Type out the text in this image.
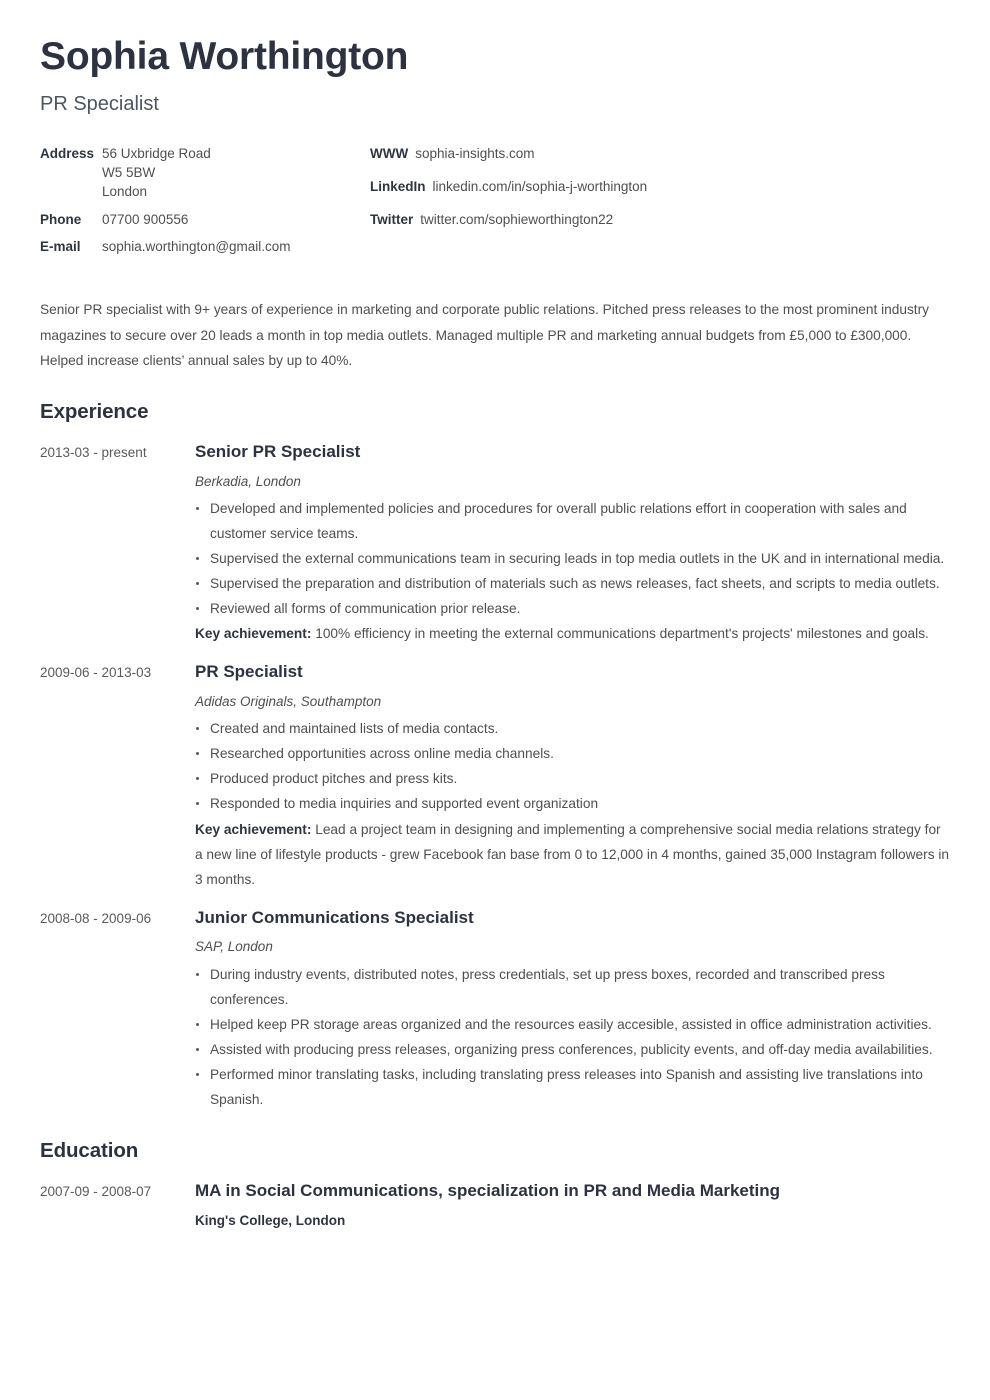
Sophia Worthington
PR Specialist
Address 56 Uxbridge Road
W5 5BW
London
Phone	07700 900556
E-mail	sophia.worthington@gmail.com
WWW sophia-insights.com
LinkedIn linkedin.com/in/sophia-j-worthington
Twitter twitter.com/sophieworthington22
Senior PR specialist with 9+ years of experience in marketing and corporate public relations. Pitched press releases to the most prominent industry magazines to secure over 20 leads a month in top media outlets. Managed multiple PR and marketing annual budgets from £5,000 to £300,000. Helped increase clients’ annual sales by up to 40%.
Experience
2013-03 - present	Senior PR Specialist
Berkadia, London
Developed and implemented policies and procedures for overall public relations effort in cooperation with sales and customer service teams.
Supervised the external communications team in securing leads in top media outlets in the UK and in international media.
Supervised the preparation and distribution of materials such as news releases, fact sheets, and scripts to media outlets.
Reviewed all forms of communication prior release.
Key achievement: 100% efficiency in meeting the external communications department's projects' milestones and goals.
2009-06 - 2013-03	PR Specialist
Adidas Originals, Southampton
Created and maintained lists of media contacts.
Researched opportunities across online media channels.
Produced product pitches and press kits.
Responded to media inquiries and supported event organization
Key achievement: Lead a project team in designing and implementing a comprehensive social media relations strategy for a new line of lifestyle products - grew Facebook fan base from 0 to 12,000 in 4 months, gained 35,000 Instagram followers in 3 months.
2008-08 - 2009-06	Junior Communications Specialist
SAP, London
During industry events, distributed notes, press credentials, set up press boxes, recorded and transcribed press conferences.
Helped keep PR storage areas organized and the resources easily accesible, assisted in office administration activities.
Assisted with producing press releases, organizing press conferences, publicity events, and off-day media availabilities.
Performed minor translating tasks, including translating press releases into Spanish and assisting live translations into Spanish.
Education
2007-09 - 2008-07	MA in Social Communications, specialization in PR and Media Marketing
King's College, London
